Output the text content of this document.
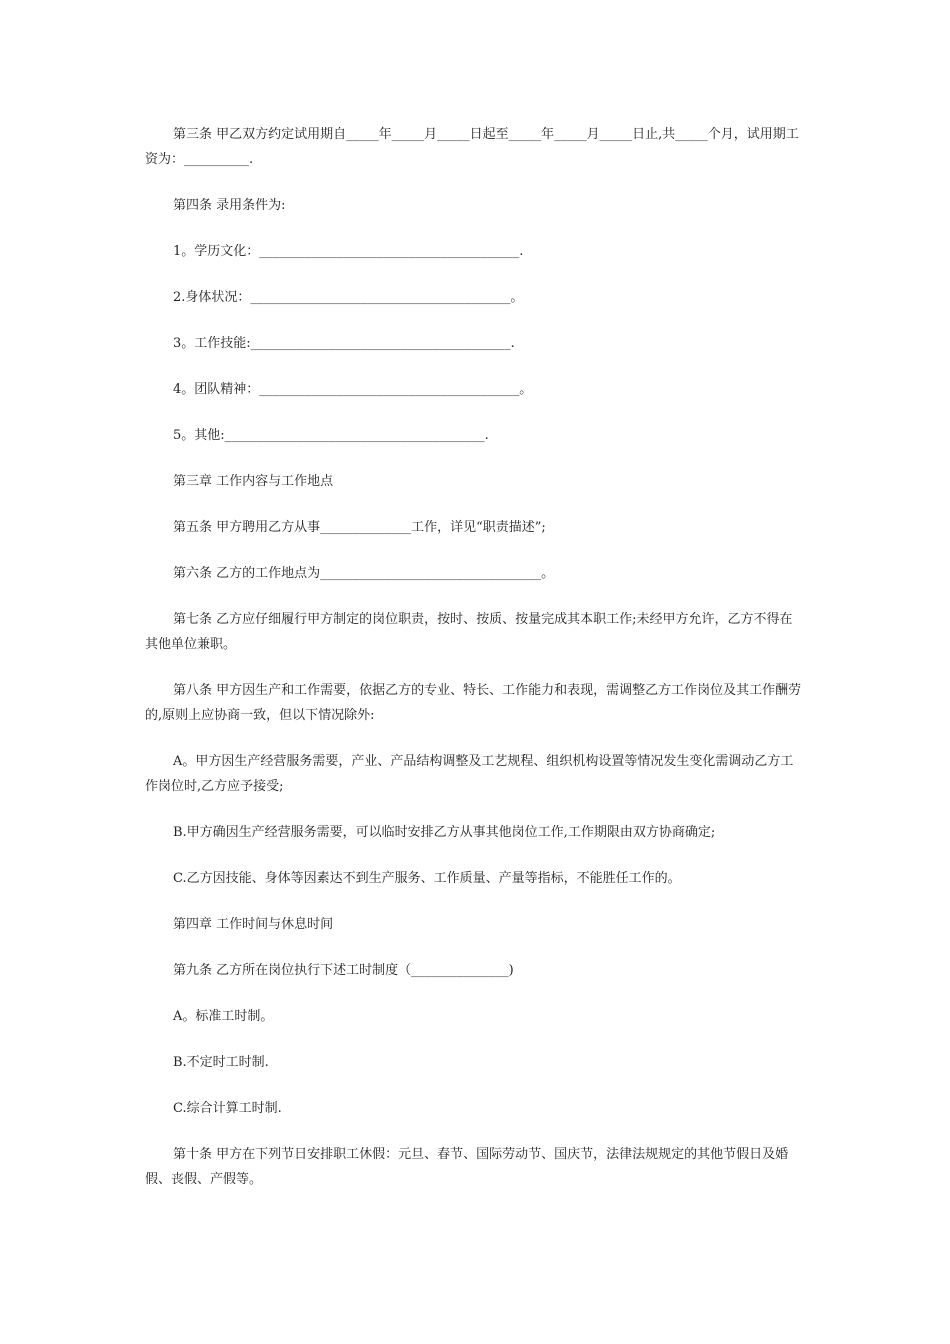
第三条 甲乙双方约定试用期自_____年_____月_____日起至_____年_____月_____日止,共_____个月，试用期工资为：__________.

第四条 录用条件为:

1。学历文化：________________________________________.

2.身体状况：________________________________________。

3。工作技能:________________________________________.

4。团队精神：________________________________________。

5。其他:________________________________________.

第三章 工作内容与工作地点

第五条 甲方聘用乙方从事______________工作，详见“职责描述”;

第六条 乙方的工作地点为__________________________________。

第七条 乙方应仔细履行甲方制定的岗位职责，按时、按质、按量完成其本职工作;未经甲方允许，乙方不得在其他单位兼职。

第八条 甲方因生产和工作需要，依据乙方的专业、特长、工作能力和表现，需调整乙方工作岗位及其工作酬劳的,原则上应协商一致，但以下情况除外:

A。甲方因生产经营服务需要，产业、产品结构调整及工艺规程、组织机构设置等情况发生变化需调动乙方工作岗位时,乙方应予接受;

B.甲方确因生产经营服务需要，可以临时安排乙方从事其他岗位工作,工作期限由双方协商确定;

C.乙方因技能、身体等因素达不到生产服务、工作质量、产量等指标，不能胜任工作的。

第四章 工作时间与休息时间

第九条 乙方所在岗位执行下述工时制度（_______________)

A。标准工时制。

B.不定时工时制.

C.综合计算工时制.

第十条 甲方在下列节日安排职工休假：元旦、春节、国际劳动节、国庆节，法律法规规定的其他节假日及婚假、丧假、产假等。
